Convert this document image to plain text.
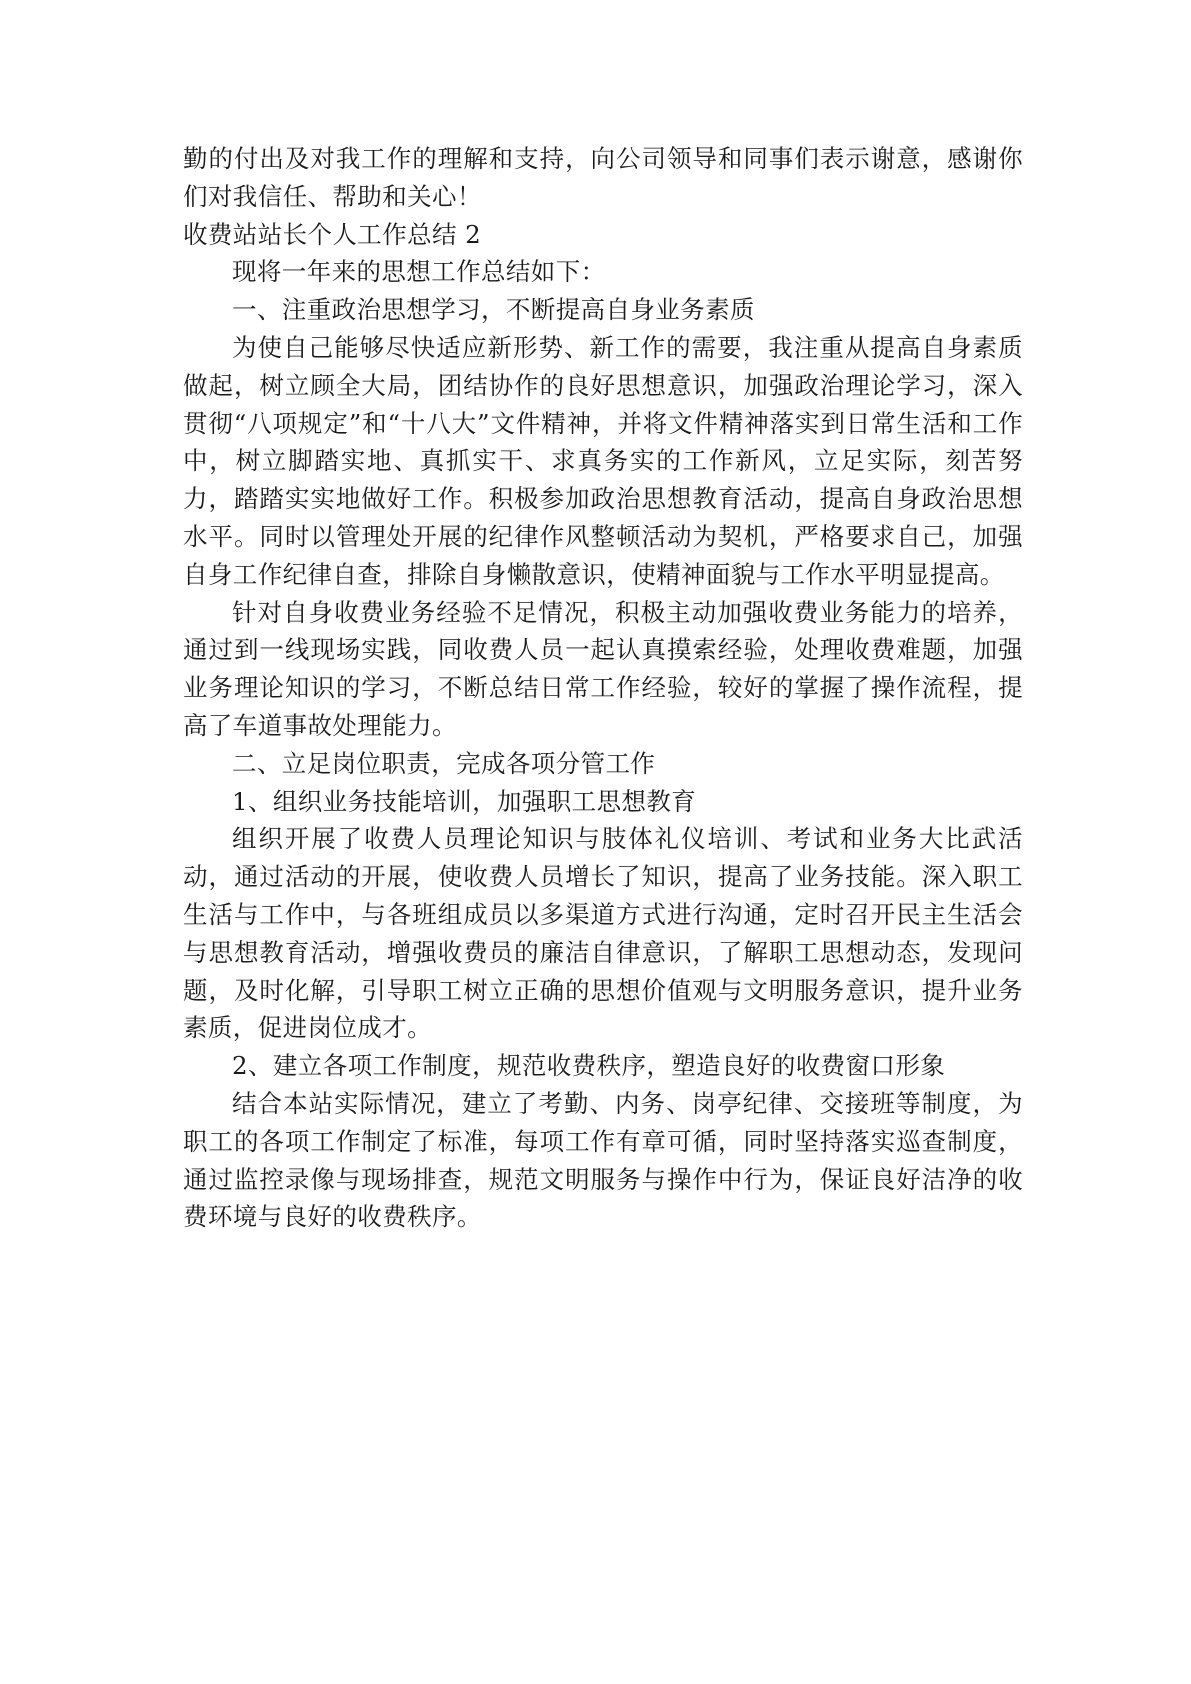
勤的付出及对我工作的理解和支持，向公司领导和同事们表示谢意，感谢你们对我信任、帮助和关心！

收费站站长个人工作总结 2

现将一年来的思想工作总结如下：

一、注重政治思想学习，不断提高自身业务素质

为使自己能够尽快适应新形势、新工作的需要，我注重从提高自身素质做起，树立顾全大局，团结协作的良好思想意识，加强政治理论学习，深入贯彻“八项规定”和“十八大”文件精神，并将文件精神落实到日常生活和工作中，树立脚踏实地、真抓实干、求真务实的工作新风，立足实际，刻苦努力，踏踏实实地做好工作。积极参加政治思想教育活动，提高自身政治思想水平。同时以管理处开展的纪律作风整顿活动为契机，严格要求自己，加强自身工作纪律自查，排除自身懒散意识，使精神面貌与工作水平明显提高。

针对自身收费业务经验不足情况，积极主动加强收费业务能力的培养，通过到一线现场实践，同收费人员一起认真摸索经验，处理收费难题，加强业务理论知识的学习，不断总结日常工作经验，较好的掌握了操作流程，提高了车道事故处理能力。

二、立足岗位职责，完成各项分管工作

1、组织业务技能培训，加强职工思想教育

组织开展了收费人员理论知识与肢体礼仪培训、考试和业务大比武活动，通过活动的开展，使收费人员增长了知识，提高了业务技能。深入职工生活与工作中，与各班组成员以多渠道方式进行沟通，定时召开民主生活会与思想教育活动，增强收费员的廉洁自律意识，了解职工思想动态，发现问题，及时化解，引导职工树立正确的思想价值观与文明服务意识，提升业务素质，促进岗位成才。

2、建立各项工作制度，规范收费秩序，塑造良好的收费窗口形象

结合本站实际情况，建立了考勤、内务、岗亭纪律、交接班等制度，为职工的各项工作制定了标准，每项工作有章可循，同时坚持落实巡查制度，通过监控录像与现场排查，规范文明服务与操作中行为，保证良好洁净的收费环境与良好的收费秩序。
